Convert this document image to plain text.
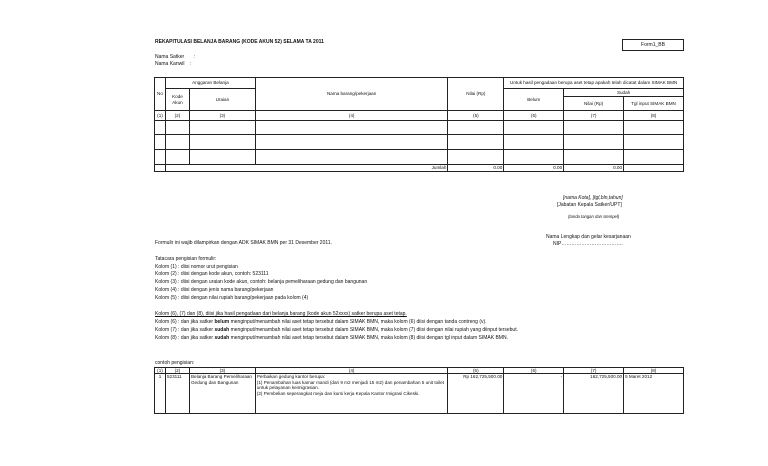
REKAPITULASI BELANJA BARANG (KODE AKUN 52) SELAMA TA 2011	Form1_BB
Nama Satker :
Nama Kanwil :
No	Anggaran Belanja		Nama barang/pekerjaan	Nilai (Rp)	Untuk hasil pengadaan berupa aset tetap apakah telah dicatat dalam SIMAK BMN		
	Kode Akun	Uraian			Belum	Sudah	
						Nilai (Rp)	Tgl input SIMAK BMN
(1)	(2)	(3)	(4)	(5)	(6)	(7)	(8)

	Jumlah			0.00	0.00	0.00	
[nama Kota], [tgl,bln,tahun]
[Jabatan Kepala Satker/UPT]
(tanda tangan dan stempel)
Nama Lengkap dan gelar kesarjanaan
NIP……………………………….
Formulir ini wajib dilampirkan dengan ADK SIMAK BMN per 31 Desember 2011.
Tatacara pengisian formulir:
Kolom (1) : diisi nomor urut pengisian
Kolom (2) : diisi dengan kode akun, contoh: 523111
Kolom (3) : diisi dengan uraian kode akun, contoh: belanja pemeliharaan gedung dan bangunan
Kolom (4) : diisi dengan jenis nama barang/pekerjaan
Kolom (5) : diisi dengan nilai rupiah barang/pekerjaan pada kolom (4)
Kolom (6), (7) dan (8), diisi jika hasil pengadaan dari belanja barang (kode akun 52xxxx) satker berupa aset tetap.
Kolom (6) : dan jika satker belum menginput/menambah nilai aset tetap tersebut dalam SIMAK BMN, maka kolom (6) diisi dengan tanda contreng (v).
Kolom (7) : dan jika satker sudah menginput/menambah nilai aset tetap tersebut dalam SIMAK BMN, maka kolom (7) diisi dengan nilai rupiah yang diinput tersebut.
Kolom (8) : dan jika satker sudah menginput/menambah nilai aset tetap tersebut dalam SIMAK BMN, maka kolom (8) diisi dengan tgl input dalam SIMAK BMN.
contoh pengisian:
(1)	(2)	(3)	(4)	(5)	(6)	(7)	(8)
1	523111	Belanja Barang Pemeliharaan Gedung dan Bangunan	Perbaikan gedung kantor berupa:
(1) Penambahan luas kamar mandi (dari 9 m2 menjadi 15 m2) dan penambahan 5 unit toilet untuk pelayanan keimigrasian.
(2) Pembelian seperangkat meja dan kursi kerja Kepala Kantor Imigrasi Cikeski.	Rp 162,725,500.00	-	162,725,500.00	5 Maret 2012
